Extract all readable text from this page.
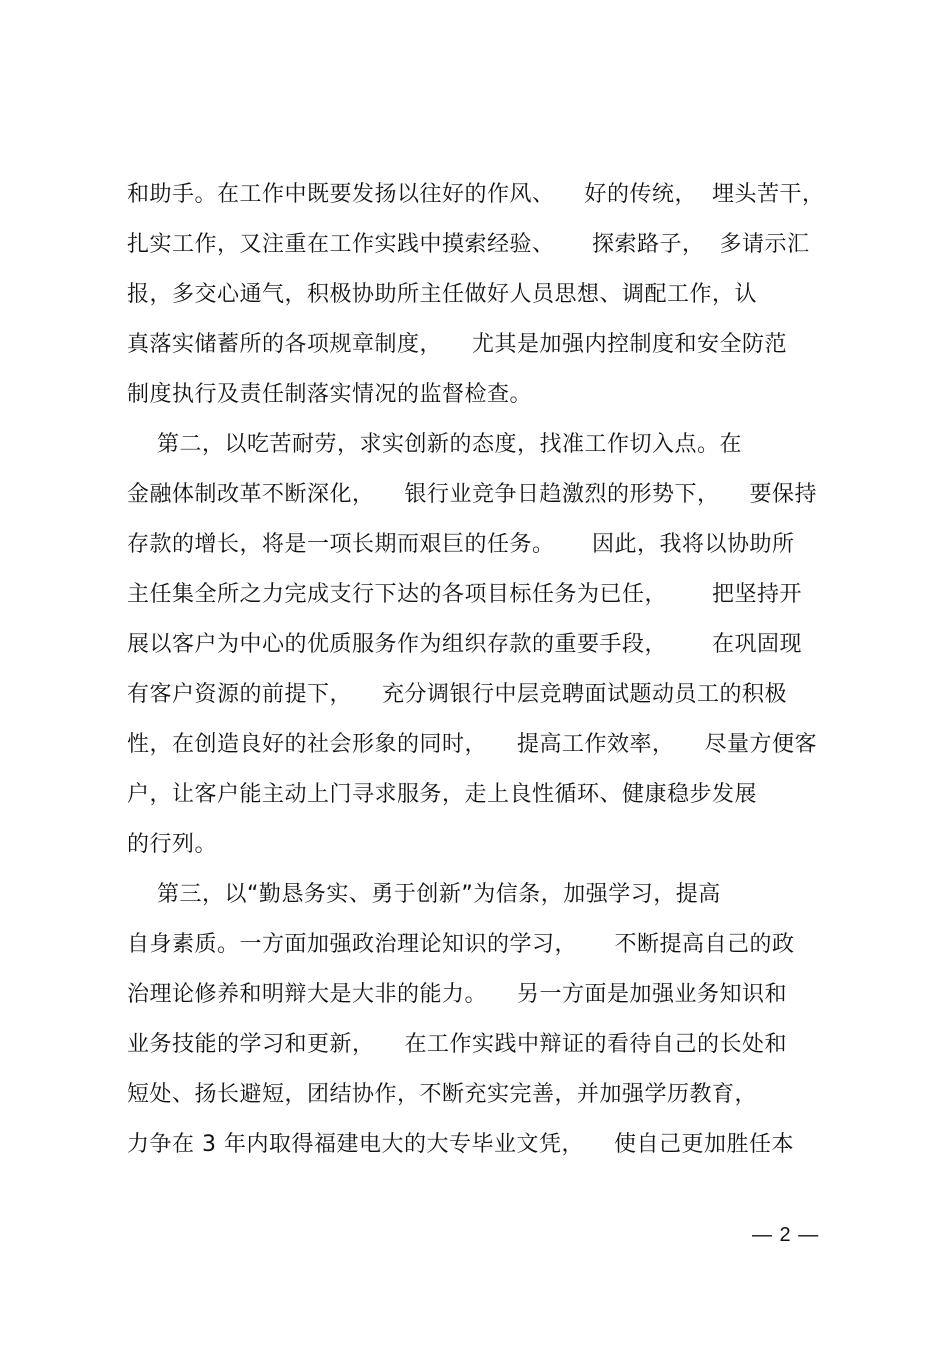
和助手。在工作中既要发扬以往好的作风、    好的传统，  埋头苦干，
扎实工作，又注重在工作实践中摸索经验、     探索路子，  多请示汇
报，多交心通气，积极协助所主任做好人员思想、调配工作，认
真落实储蓄所的各项规章制度，    尤其是加强内控制度和安全防范
制度执行及责任制落实情况的监督检查。
第二，以吃苦耐劳，求实创新的态度，找准工作切入点。在
金融体制改革不断深化，    银行业竞争日趋激烈的形势下，    要保持
存款的增长，将是一项长期而艰巨的任务。     因此，我将以协助所
主任集全所之力完成支行下达的各项目标任务为已任，      把坚持开
展以客户为中心的优质服务作为组织存款的重要手段，      在巩固现
有客户资源的前提下，    充分调银行中层竞聘面试题动员工的积极
性，在创造良好的社会形象的同时，    提高工作效率，    尽量方便客
户，让客户能主动上门寻求服务，走上良性循环、健康稳步发展
的行列。
第三，以“勤恳务实、勇于创新”为信条，加强学习，提高
自身素质。一方面加强政治理论知识的学习，     不断提高自己的政
治理论修养和明辩大是大非的能力。    另一方面是加强业务知识和
业务技能的学习和更新，    在工作实践中辩证的看待自己的长处和
短处、扬长避短，团结协作，不断充实完善，并加强学历教育，
力争在 3 年内取得福建电大的大专毕业文凭，    使自己更加胜任本
— 2 —
